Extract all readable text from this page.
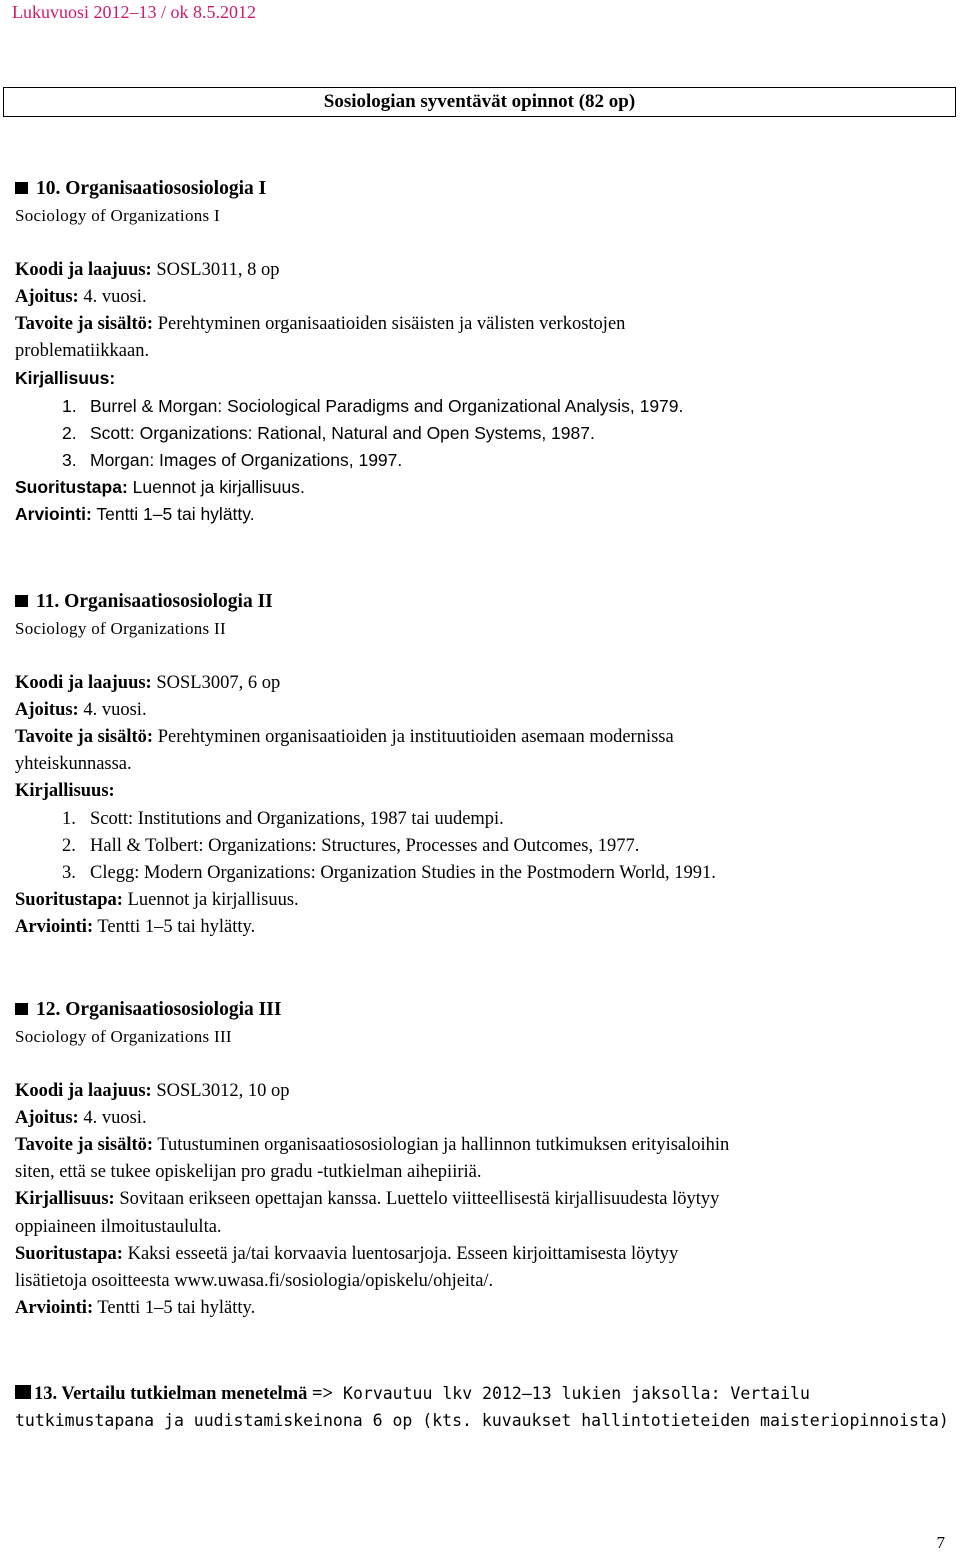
Lukuvuosi 2012–13 / ok 8.5.2012
Sosiologian syventävät opinnot (82 op)
10. Organisaatiososiologia I
Sociology of Organizations I
Koodi ja laajuus: SOSL3011, 8 op
Ajoitus: 4. vuosi.
Tavoite ja sisältö: Perehtyminen organisaatioiden sisäisten ja välisten verkostojen
problematiikkaan.
Kirjallisuus:
1. Burrel & Morgan: Sociological Paradigms and Organizational Analysis, 1979.
2. Scott: Organizations: Rational, Natural and Open Systems, 1987.
3. Morgan: Images of Organizations, 1997.
Suoritustapa: Luennot ja kirjallisuus.
Arviointi: Tentti 1–5 tai hylätty.
11. Organisaatiososiologia II
Sociology of Organizations II
Koodi ja laajuus: SOSL3007, 6 op
Ajoitus: 4. vuosi.
Tavoite ja sisältö: Perehtyminen organisaatioiden ja instituutioiden asemaan modernissa
yhteiskunnassa.
Kirjallisuus:
1. Scott: Institutions and Organizations, 1987 tai uudempi.
2. Hall & Tolbert: Organizations: Structures, Processes and Outcomes, 1977.
3. Clegg: Modern Organizations: Organization Studies in the Postmodern World, 1991.
Suoritustapa: Luennot ja kirjallisuus.
Arviointi: Tentti 1–5 tai hylätty.
12. Organisaatiososiologia III
Sociology of Organizations III
Koodi ja laajuus: SOSL3012, 10 op
Ajoitus: 4. vuosi.
Tavoite ja sisältö: Tutustuminen organisaatiososiologian ja hallinnon tutkimuksen erityisaloihin
siten, että se tukee opiskelijan pro gradu -tutkielman aihepiiriä.
Kirjallisuus: Sovitaan erikseen opettajan kanssa. Luettelo viitteellisestä kirjallisuudesta löytyy
oppiaineen ilmoitustaululta.
Suoritustapa: Kaksi esseetä ja/tai korvaavia luentosarjoja. Esseen kirjoittamisesta löytyy
lisätietoja osoitteesta www.uwasa.fi/sosiologia/opiskelu/ohjeita/.
Arviointi: Tentti 1–5 tai hylätty.
13. Vertailu tutkielman menetelmä => Korvautuu lkv 2012–13 lukien jaksolla: Vertailu
tutkimustapana ja uudistamiskeinona 6 op (kts. kuvaukset hallintotieteiden maisteriopinnoista)
7
